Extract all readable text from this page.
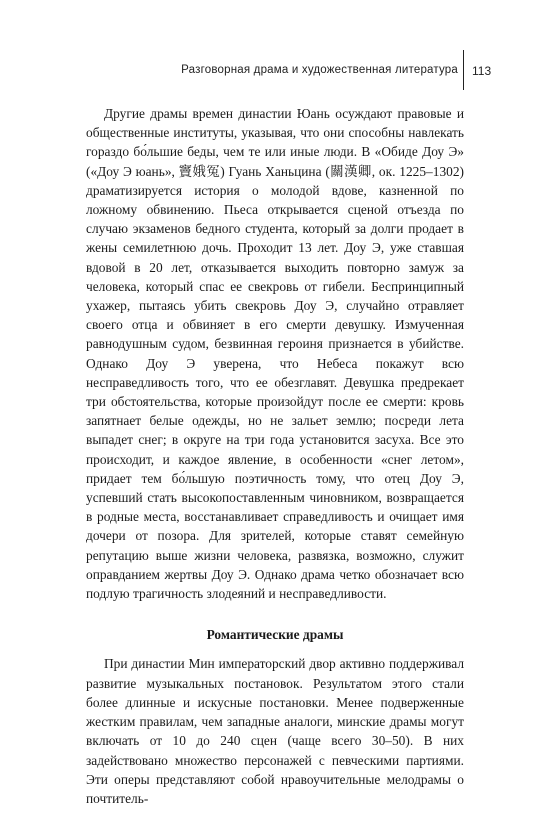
Разговорная драма и художественная литература 113

Другие драмы времен династии Юань осуждают правовые и общественные институты, указывая, что они способны навлекать гораздо бо́льшие беды, чем те или иные люди. В «Обиде Доу Э» («Доу Э юань», 竇娥冤) Гуань Ханьцина (關漢卿, ок. 1225–1302) драматизируется история о молодой вдове, казненной по ложному обвинению. Пьеса открывается сценой отъезда по случаю экзаменов бедного студента, который за долги продает в жены семилетнюю дочь. Проходит 13 лет. Доу Э, уже ставшая вдовой в 20 лет, отказывается выходить повторно замуж за человека, который спас ее свекровь от гибели. Беспринципный ухажер, пытаясь убить свекровь Доу Э, случайно отравляет своего отца и обвиняет в его смерти девушку. Измученная равнодушным судом, безвинная героиня признается в убийстве. Однако Доу Э уверена, что Небеса покажут всю несправедливость того, что ее обезглавят. Девушка предрекает три обстоятельства, которые произойдут после ее смерти: кровь запятнает белые одежды, но не зальет землю; посреди лета выпадет снег; в округе на три года установится засуха. Все это происходит, и каждое явление, в особенности «снег летом», придает тем бо́льшую поэтичность тому, что отец Доу Э, успевший стать высокопоставленным чиновником, возвращается в родные места, восстанавливает справедливость и очищает имя дочери от позора. Для зрителей, которые ставят семейную репутацию выше жизни человека, развязка, возможно, служит оправданием жертвы Доу Э. Однако драма четко обозначает всю подлую трагичность злодеяний и несправедливости.

Романтические драмы

При династии Мин императорский двор активно поддерживал развитие музыкальных постановок. Результатом этого стали более длинные и искусные постановки. Менее подверженные жестким правилам, чем западные аналоги, минские драмы могут включать от 10 до 240 сцен (чаще всего 30–50). В них задействовано множество персонажей с певческими партиями. Эти оперы представляют собой нравоучительные мелодрамы о почтитель-
